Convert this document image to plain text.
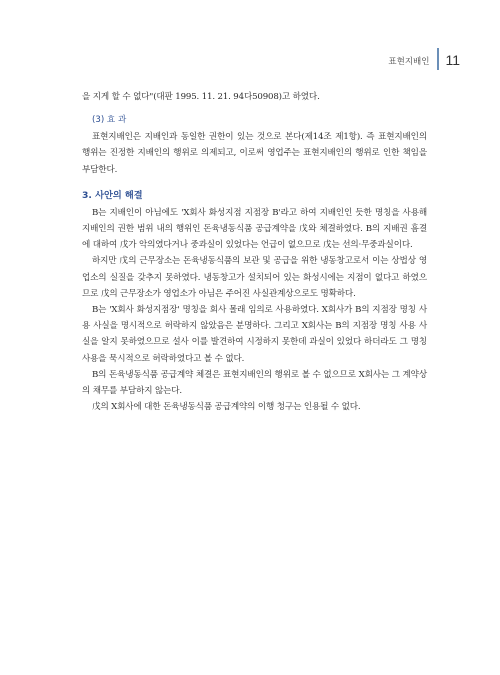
표현지배인	11

을 지게 할 수 없다"(대판 1995. 11. 21. 94다50908)고 하였다.

(3) 효 과

표현지배인은 지배인과 동일한 권한이 있는 것으로 본다(제14조 제1항). 즉 표현지배인의 행위는 진정한 지배인의 행위로 의제되고, 이로써 영업주는 표현지배인의 행위로 인한 책임을 부담한다.

3. 사안의 해결

B는 지배인이 아님에도 'X회사 화성지점 지점장 B'라고 하여 지배인인 듯한 명칭을 사용해 지배인의 권한 범위 내의 행위인 돈육냉동식품 공급계약을 戊와 체결하였다. B의 지배권 흠결에 대하여 戊가 악의였다거나 중과실이 있었다는 언급이 없으므로 戊는 선의·무중과실이다.

하지만 戊의 근무장소는 돈육냉동식품의 보관 및 공급을 위한 냉동창고로서 이는 상법상 영업소의 실질을 갖추지 못하였다. 냉동창고가 설치되어 있는 화성시에는 지점이 없다고 하였으므로 戊의 근무장소가 영업소가 아님은 주어진 사실관계상으로도 명확하다.

B는 'X회사 화성지점장' 명칭을 회사 몰래 임의로 사용하였다. X회사가 B의 지점장 명칭 사용 사실을 명시적으로 허락하지 않았음은 분명하다. 그리고 X회사는 B의 지점장 명칭 사용 사실을 알지 못하였으므로 설사 이를 발견하여 시정하지 못한데 과실이 있었다 하더라도 그 명칭 사용을 묵시적으로 허락하였다고 볼 수 없다.

B의 돈육냉동식품 공급계약 체결은 표현지배인의 행위로 볼 수 없으므로 X회사는 그 계약상의 채무를 부담하지 않는다.

戊의 X회사에 대한 돈육냉동식품 공급계약의 이행 청구는 인용될 수 없다.
